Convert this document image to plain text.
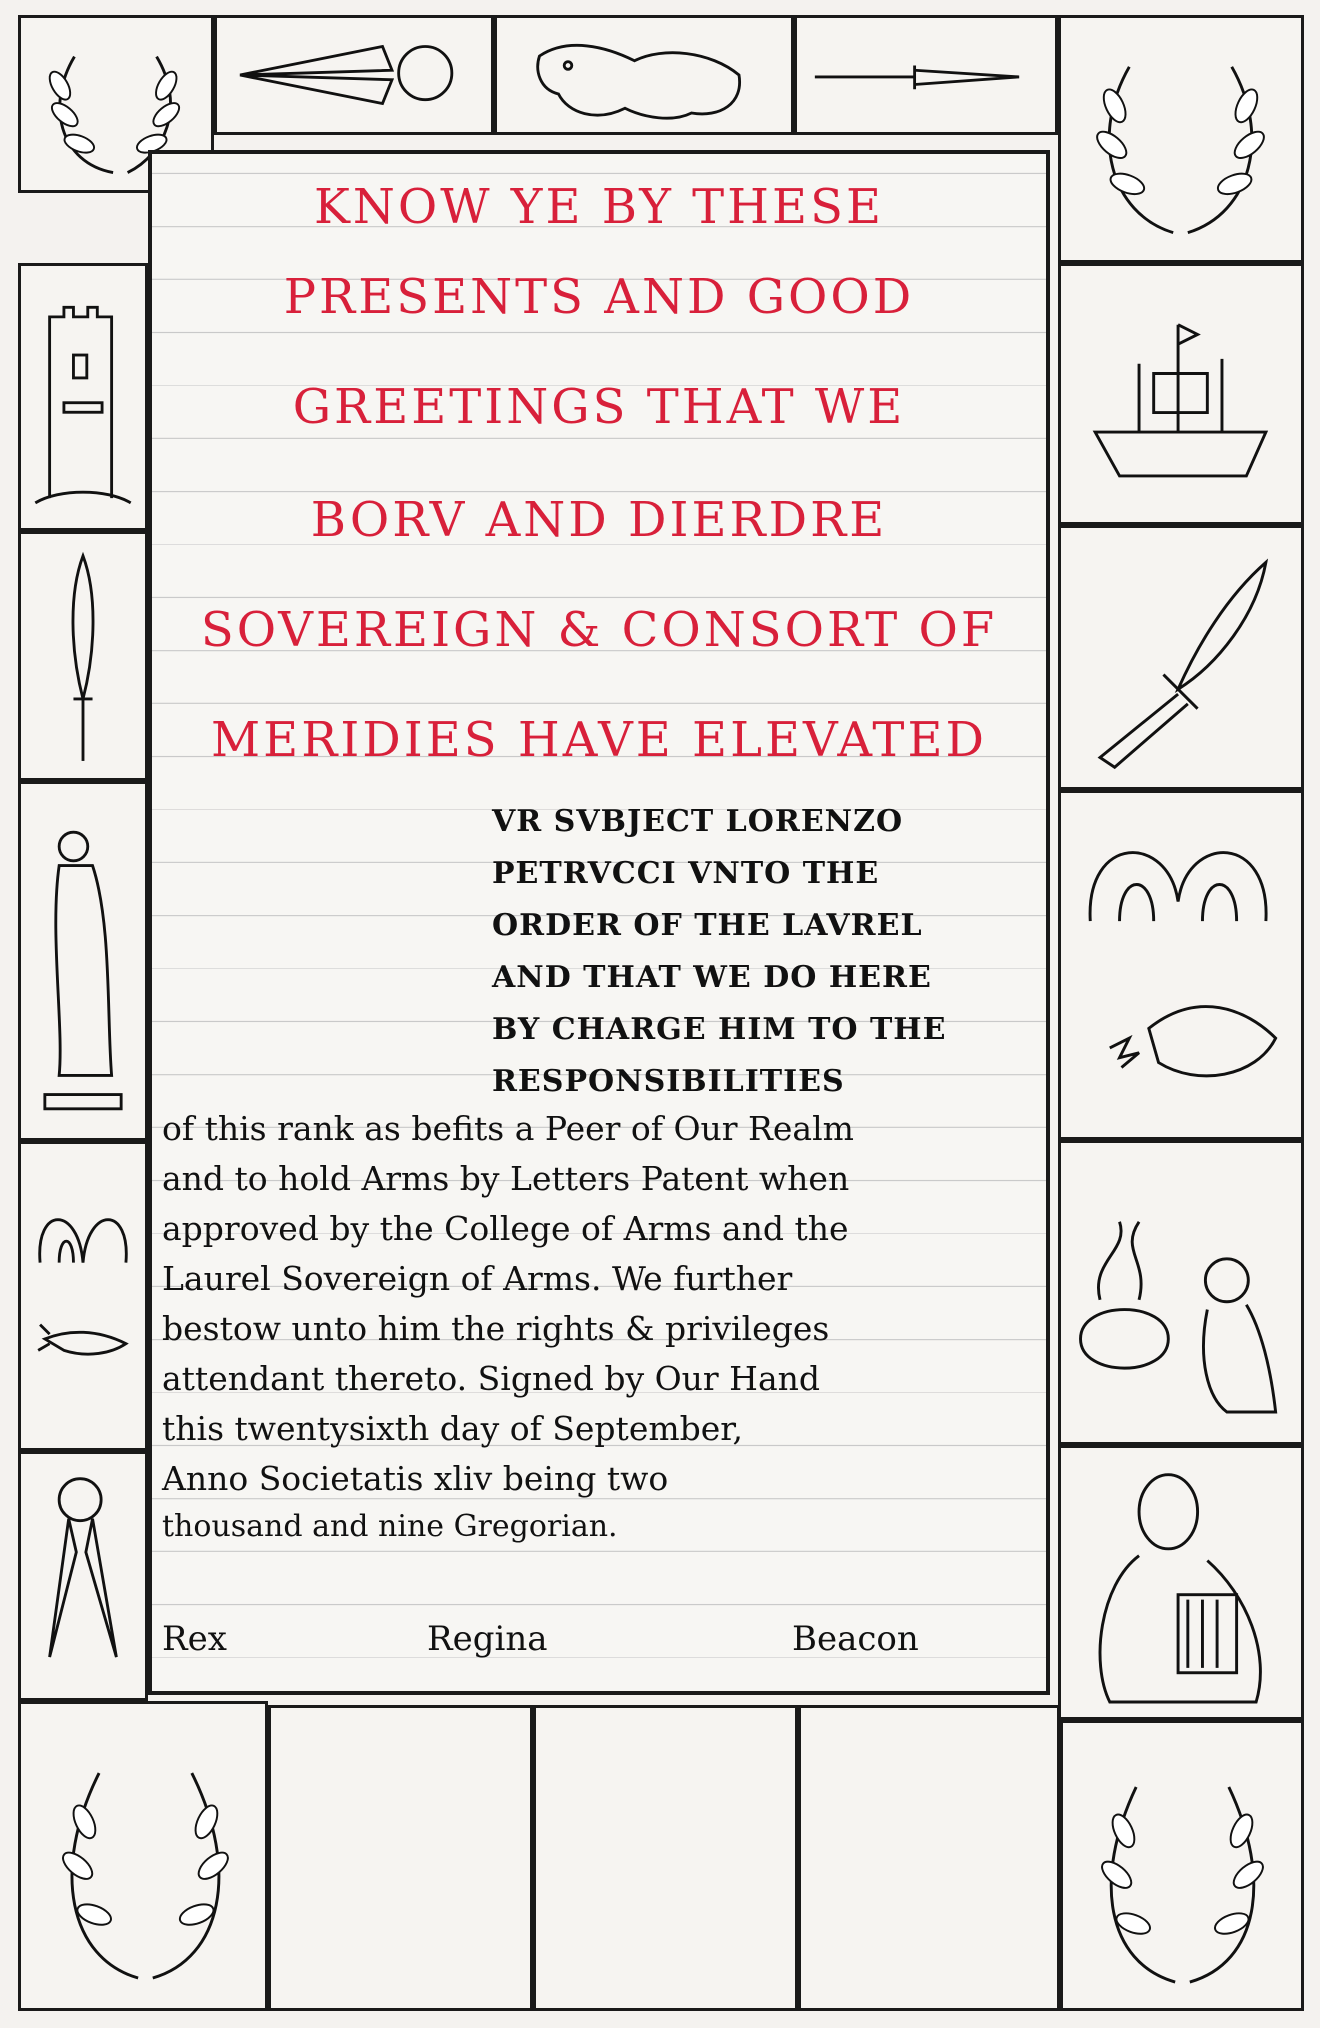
KNOW YE BY THESE
PRESENTS AND GOOD
GREETINGS THAT WE
BORV AND DIERDRE
SOVEREIGN & CONSORT OF
MERIDIES HAVE ELEVATED
VR SVBJECT LORENZO
PETRVCCI VNTO THE
ORDER OF THE LAVREL
AND THAT WE DO HERE
BY CHARGE HIM TO THE
RESPONSIBILITIES
of this rank as befits a Peer of Our Realm
and to hold Arms by Letters Patent when
approved by the College of Arms and the
Laurel Sovereign of Arms. We further
bestow unto him the rights & privileges
attendant thereto. Signed by Our Hand
this twentysixth day of September,
Anno Societatis xliv being two
thousand and nine Gregorian.
Rex	Regina	Beacon
